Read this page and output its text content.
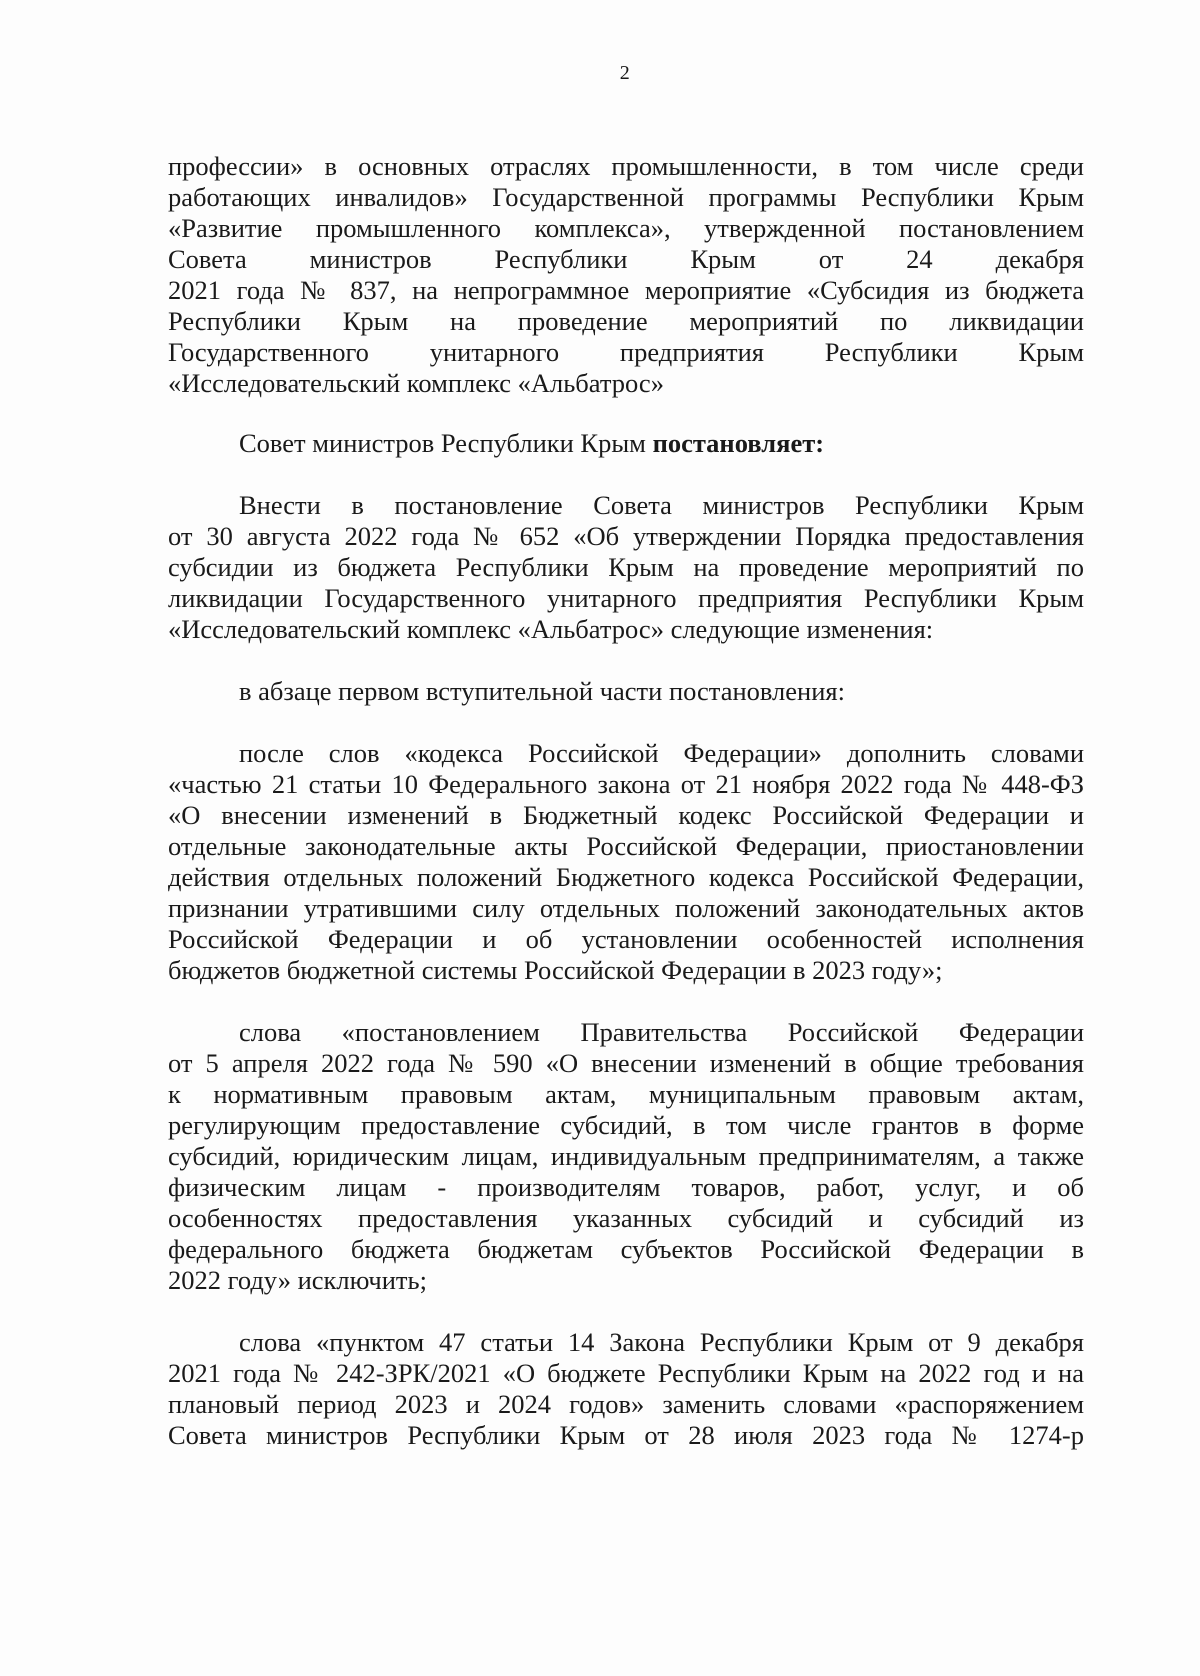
2
профессии» в основных отраслях промышленности, в том числе среди
работающих инвалидов» Государственной программы Республики Крым
«Развитие промышленного комплекса», утвержденной постановлением
Совета министров Республики Крым от 24 декабря
2021 года № 837, на непрограммное мероприятие «Субсидия из бюджета
Республики Крым на проведение мероприятий по ликвидации
Государственного унитарного предприятия Республики Крым
«Исследовательский комплекс «Альбатрос»
Совет министров Республики Крым постановляет:
Внести в постановление Совета министров Республики Крым
от 30 августа 2022 года № 652 «Об утверждении Порядка предоставления
субсидии из бюджета Республики Крым на проведение мероприятий по
ликвидации Государственного унитарного предприятия Республики Крым
«Исследовательский комплекс «Альбатрос» следующие изменения:
в абзаце первом вступительной части постановления:
после слов «кодекса Российской Федерации» дополнить словами
«частью 21 статьи 10 Федерального закона от 21 ноября 2022 года № 448-ФЗ
«О внесении изменений в Бюджетный кодекс Российской Федерации и
отдельные законодательные акты Российской Федерации, приостановлении
действия отдельных положений Бюджетного кодекса Российской Федерации,
признании утратившими силу отдельных положений законодательных актов
Российской Федерации и об установлении особенностей исполнения
бюджетов бюджетной системы Российской Федерации в 2023 году»;
слова «постановлением Правительства Российской Федерации
от 5 апреля 2022 года № 590 «О внесении изменений в общие требования
к нормативным правовым актам, муниципальным правовым актам,
регулирующим предоставление субсидий, в том числе грантов в форме
субсидий, юридическим лицам, индивидуальным предпринимателям, а также
физическим лицам - производителям товаров, работ, услуг, и об
особенностях предоставления указанных субсидий и субсидий из
федерального бюджета бюджетам субъектов Российской Федерации в
2022 году» исключить;
слова «пунктом 47 статьи 14 Закона Республики Крым от 9 декабря
2021 года № 242-ЗРК/2021 «О бюджете Республики Крым на 2022 год и на
плановый период 2023 и 2024 годов» заменить словами «распоряжением
Совета министров Республики Крым от 28 июля 2023 года № 1274-р
